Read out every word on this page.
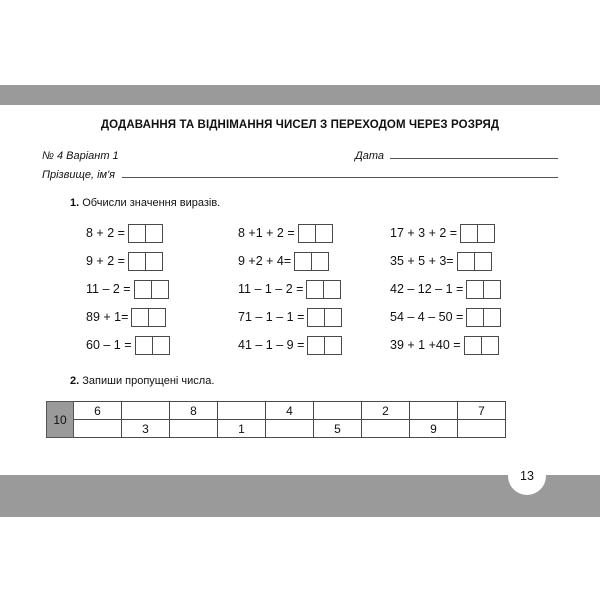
ДОДАВАННЯ ТА ВІДНІМАННЯ ЧИСЕЛ З ПЕРЕХОДОМ ЧЕРЕЗ РОЗРЯД
№ 4 Варіант 1	Дата
Прізвище, ім'я
1. Обчисли значення виразів.
8 + 2 =	8 +1 + 2 =	17 + 3 + 2 =
9 + 2 =	9 +2 + 4=	35 + 5 + 3=
11 – 2 =	11 – 1 – 2 =	42 – 12 – 1 =
89 + 1=	71 – 1 – 1 =	54 – 4 – 50 =
60 – 1 =	41 – 1 – 9 =	39 + 1 +40 =
2. Запиши пропущені числа.
10	6		8		4		2		7
		3		1		5		9	
13
